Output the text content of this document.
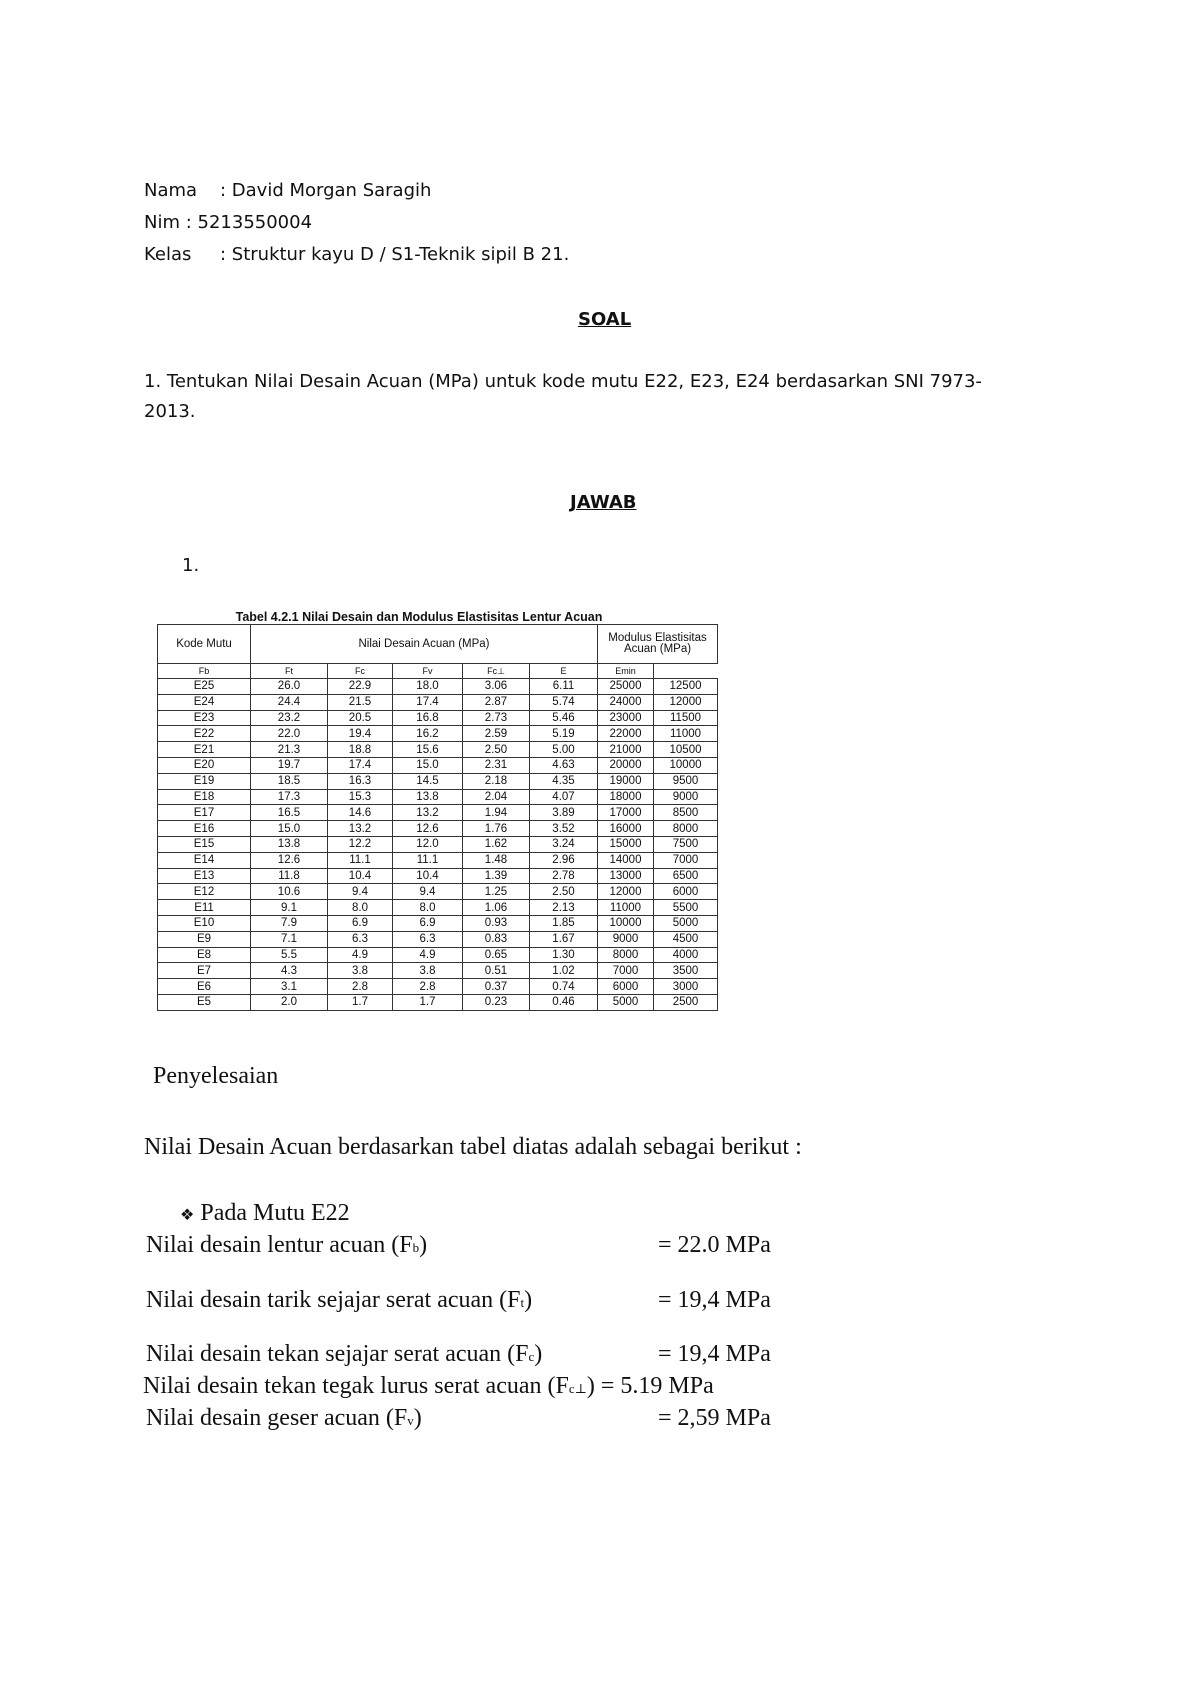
Nama : David Morgan Saragih
Nim : 5213550004
Kelas : Struktur kayu D / S1-Teknik sipil B 21.
SOAL
1. Tentukan Nilai Desain Acuan (MPa) untuk kode mutu E22, E23, E24 berdasarkan SNI 7973-
2013.
JAWAB
1.
Tabel 4.2.1 Nilai Desain dan Modulus Elastisitas Lentur Acuan
Kode Mutu	Nilai Desain Acuan (MPa)					Modulus Elastisitas Acuan (MPa)	

Fb	Ft	Fc	Fv	Fc⊥	E	Emin	
E25	26.0	22.9	18.0	3.06	6.11	25000	12500
E24	24.4	21.5	17.4	2.87	5.74	24000	12000
E23	23.2	20.5	16.8	2.73	5.46	23000	11500
E22	22.0	19.4	16.2	2.59	5.19	22000	11000
E21	21.3	18.8	15.6	2.50	5.00	21000	10500
E20	19.7	17.4	15.0	2.31	4.63	20000	10000
E19	18.5	16.3	14.5	2.18	4.35	19000	9500
E18	17.3	15.3	13.8	2.04	4.07	18000	9000
E17	16.5	14.6	13.2	1.94	3.89	17000	8500
E16	15.0	13.2	12.6	1.76	3.52	16000	8000
E15	13.8	12.2	12.0	1.62	3.24	15000	7500
E14	12.6	11.1	11.1	1.48	2.96	14000	7000
E13	11.8	10.4	10.4	1.39	2.78	13000	6500
E12	10.6	9.4	9.4	1.25	2.50	12000	6000
E11	9.1	8.0	8.0	1.06	2.13	11000	5500
E10	7.9	6.9	6.9	0.93	1.85	10000	5000
E9	7.1	6.3	6.3	0.83	1.67	9000	4500
E8	5.5	4.9	4.9	0.65	1.30	8000	4000
E7	4.3	3.8	3.8	0.51	1.02	7000	3500
E6	3.1	2.8	2.8	0.37	0.74	6000	3000
E5	2.0	1.7	1.7	0.23	0.46	5000	2500
Penyelesaian
Nilai Desain Acuan berdasarkan tabel diatas adalah sebagai berikut :
❖ Pada Mutu E22
Nilai desain lentur acuan (Fb)	= 22.0 MPa
Nilai desain tarik sejajar serat acuan (Ft)	= 19,4 MPa
Nilai desain tekan sejajar serat acuan (Fc)	= 19,4 MPa
Nilai desain tekan tegak lurus serat acuan (Fc⊥) = 5.19 MPa
Nilai desain geser acuan (Fv)	= 2,59 MPa
